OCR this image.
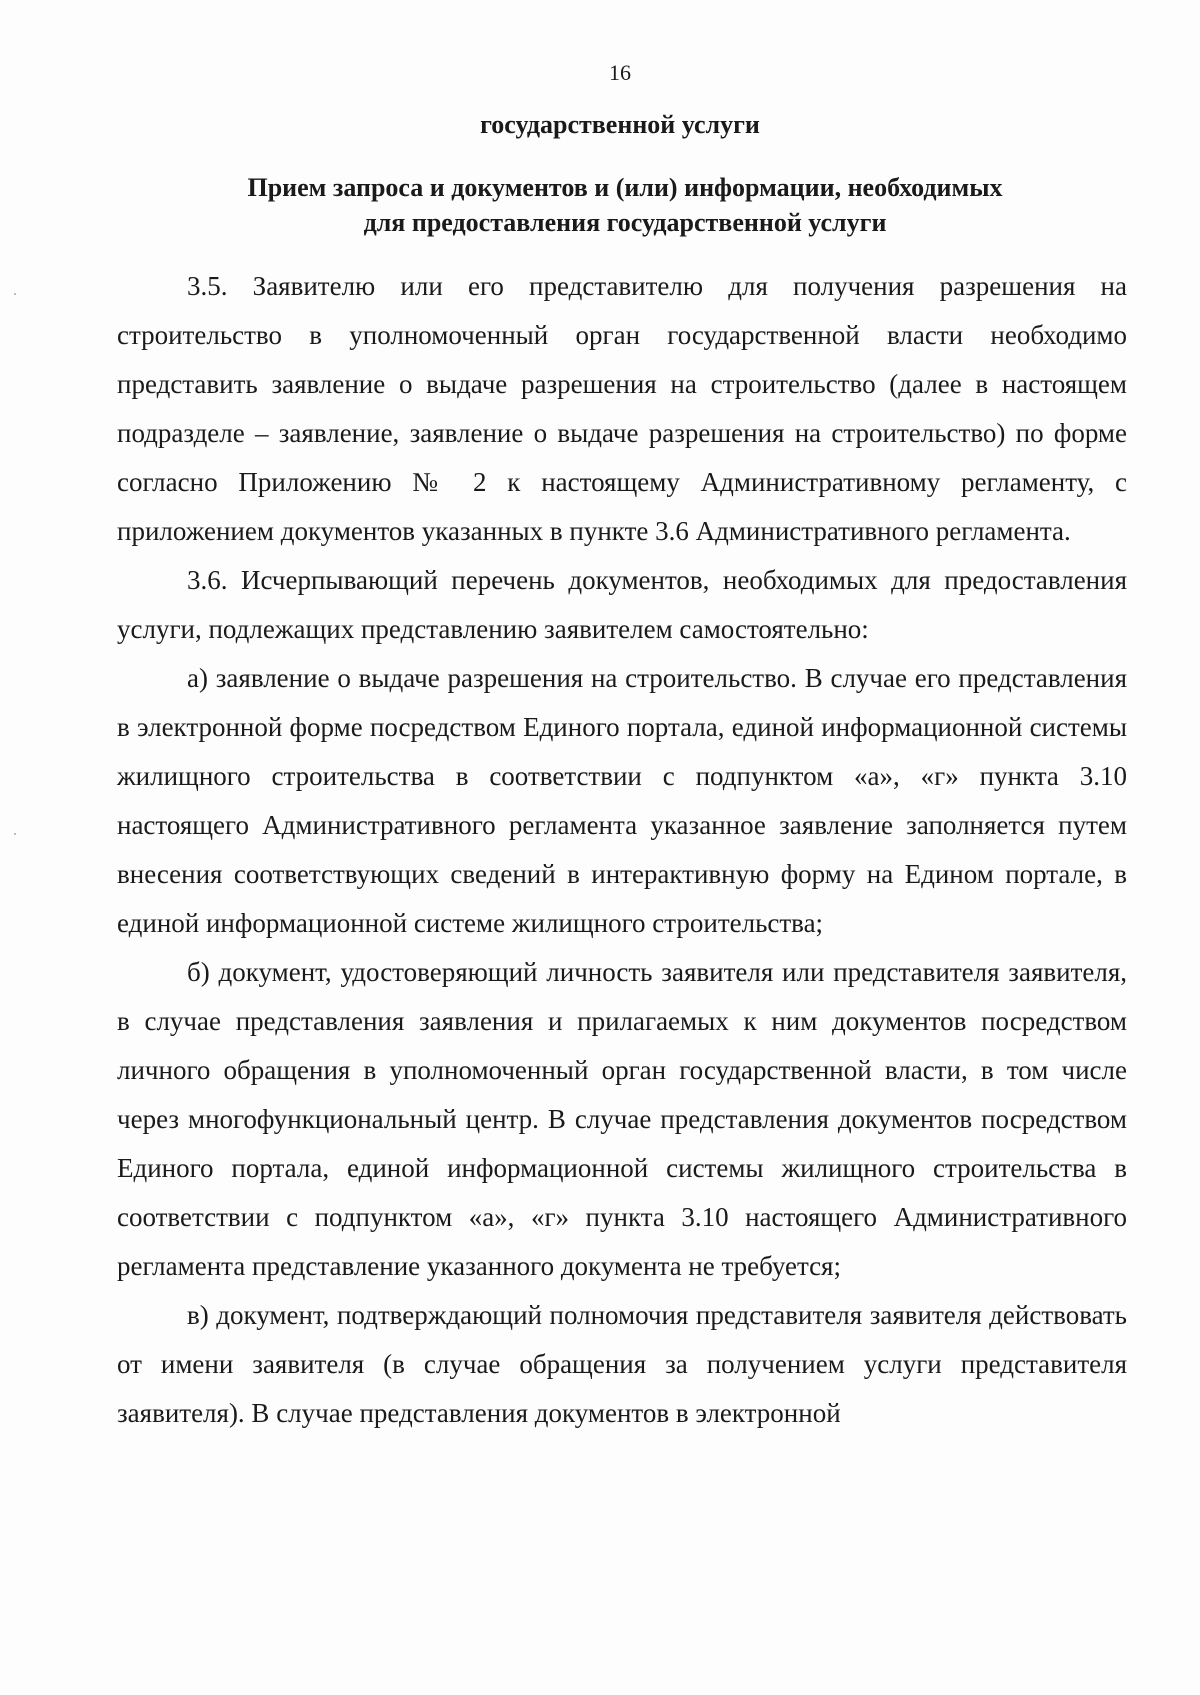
16
государственной услуги
Прием запроса и документов и (или) информации, необходимых
для предоставления государственной услуги

3.5. Заявителю или его представителю для получения разрешения на строительство в уполномоченный орган государственной власти необходимо представить заявление о выдаче разрешения на строительство (далее в настоящем подразделе – заявление, заявление о выдаче разрешения на строительство) по форме согласно Приложению № 2 к настоящему Административному регламенту, с приложением документов указанных в пункте 3.6 Административного регламента.

3.6. Исчерпывающий перечень документов, необходимых для предоставления услуги, подлежащих представлению заявителем самостоятельно:

а) заявление о выдаче разрешения на строительство. В случае его представления в электронной форме посредством Единого портала, единой информационной системы жилищного строительства в соответствии с подпунктом «а», «г» пункта 3.10 настоящего Административного регламента указанное заявление заполняется путем внесения соответствующих сведений в интерактивную форму на Едином портале, в единой информационной системе жилищного строительства;

б) документ, удостоверяющий личность заявителя или представителя заявителя, в случае представления заявления и прилагаемых к ним документов посредством личного обращения в уполномоченный орган государственной власти, в том числе через многофункциональный центр. В случае представления документов посредством Единого портала, единой информационной системы жилищного строительства в соответствии с подпунктом «а», «г» пункта 3.10 настоящего Административного регламента представление указанного документа не требуется;

в) документ, подтверждающий полномочия представителя заявителя действовать от имени заявителя (в случае обращения за получением услуги представителя заявителя). В случае представления документов в электронной
